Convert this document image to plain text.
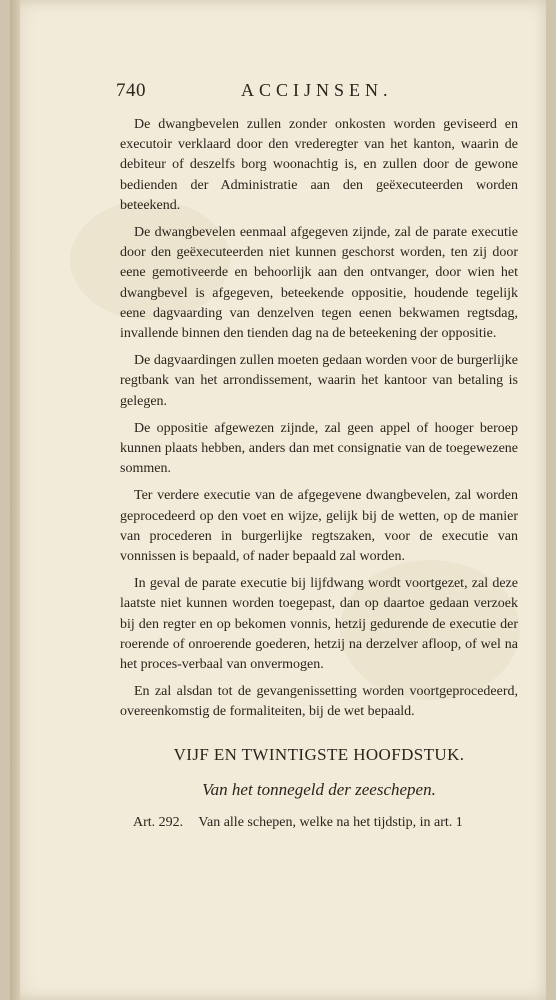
740	ACCIJNSEN.

De dwangbevelen zullen zonder onkosten worden geviseerd en executoir verklaard door den vrederegter van het kanton, waarin de debiteur of deszelfs borg woonachtig is, en zullen door de gewone bedienden der Administratie aan den geëxecuteerden worden beteekend.

De dwangbevelen eenmaal afgegeven zijnde, zal de parate executie door den geëxecuteerden niet kunnen geschorst worden, ten zij door eene gemotiveerde en behoorlijk aan den ontvanger, door wien het dwangbevel is afgegeven, beteekende oppositie, houdende tegelijk eene dagvaarding van denzelven tegen eenen bekwamen regtsdag, invallende binnen den tienden dag na de beteekening der oppositie.

De dagvaardingen zullen moeten gedaan worden voor de burgerlijke regtbank van het arrondissement, waarin het kantoor van betaling is gelegen.

De oppositie afgewezen zijnde, zal geen appel of hooger beroep kunnen plaats hebben, anders dan met consignatie van de toegewezene sommen.

Ter verdere executie van de afgegevene dwangbevelen, zal worden geprocedeerd op den voet en wijze, gelijk bij de wetten, op de manier van procederen in burgerlijke regtszaken, voor de executie van vonnissen is bepaald, of nader bepaald zal worden.

In geval de parate executie bij lijfdwang wordt voortgezet, zal deze laatste niet kunnen worden toegepast, dan op daartoe gedaan verzoek bij den regter en op bekomen vonnis, hetzij gedurende de executie der roerende of onroerende goederen, hetzij na derzelver afloop, of wel na het proces-verbaal van onvermogen.

En zal alsdan tot de gevangenissetting worden voortgeprocedeerd, overeenkomstig de formaliteiten, bij de wet bepaald.

VIJF EN TWINTIGSTE HOOFDSTUK.
Van het tonnegeld der zeeschepen.
Art. 292. Van alle schepen, welke na het tijdstip, in art. 1
